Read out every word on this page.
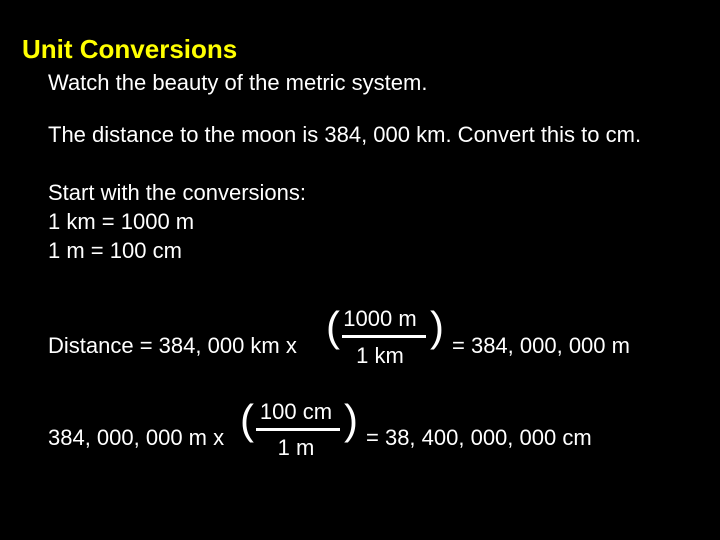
Unit Conversions
Watch the beauty of the metric system.
The distance to the moon is 384, 000 km. Convert this to cm.
Start with the conversions:
1 km = 1000 m
1 m = 100 cm
Distance = 384, 000 km x ( 1000 m
1 km
) = 384, 000, 000 m
384, 000, 000 m x ( 100 cm
1 m
) = 38, 400, 000, 000 cm
